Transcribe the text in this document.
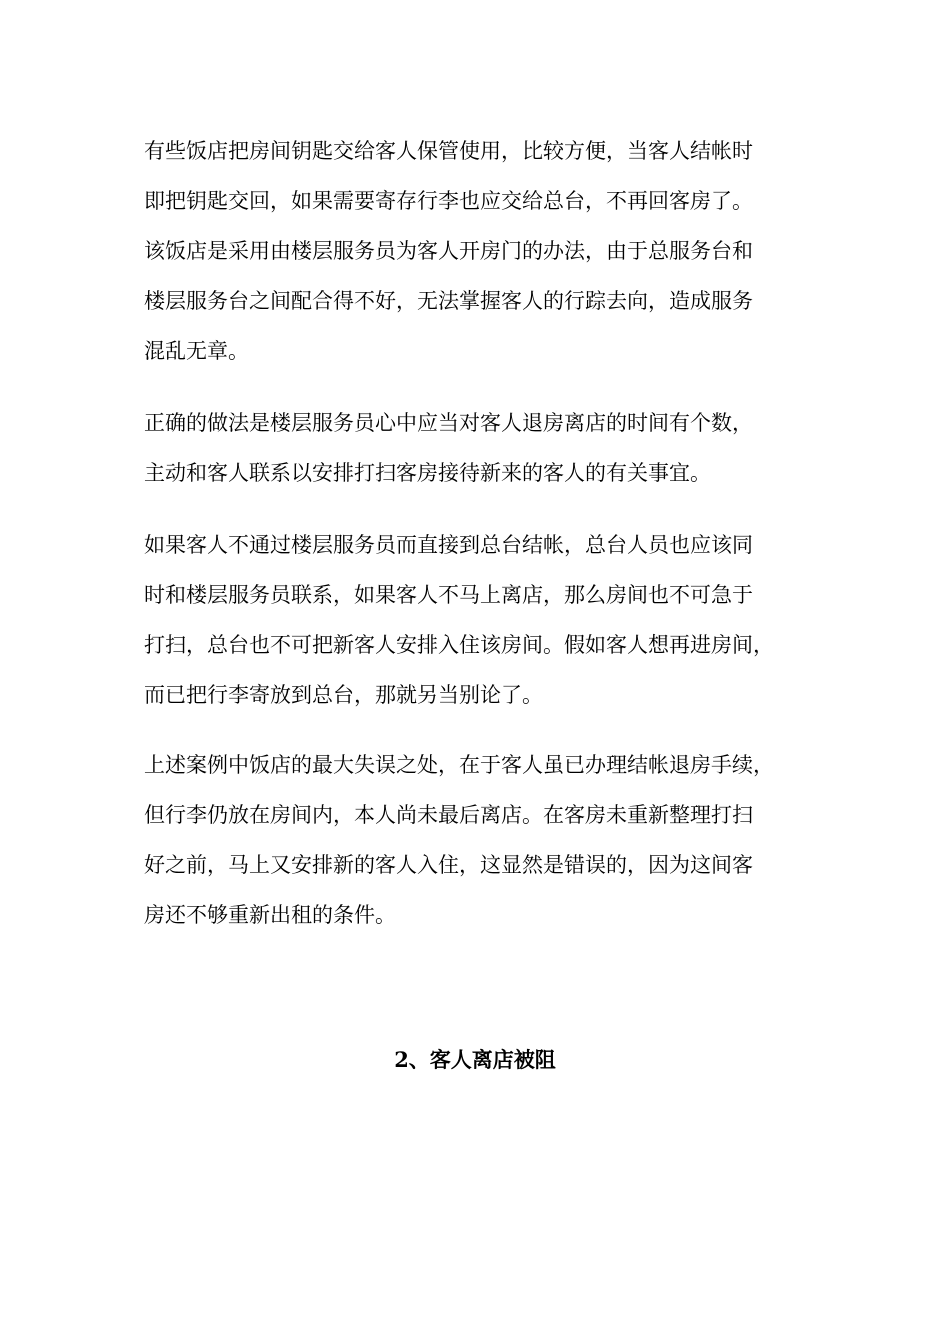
有些饭店把房间钥匙交给客人保管使用，比较方便，当客人结帐时
即把钥匙交回，如果需要寄存行李也应交给总台，不再回客房了。
该饭店是采用由楼层服务员为客人开房门的办法，由于总服务台和
楼层服务台之间配合得不好，无法掌握客人的行踪去向，造成服务
混乱无章。

正确的做法是楼层服务员心中应当对客人退房离店的时间有个数，
主动和客人联系以安排打扫客房接待新来的客人的有关事宜。

如果客人不通过楼层服务员而直接到总台结帐，总台人员也应该同
时和楼层服务员联系，如果客人不马上离店，那么房间也不可急于
打扫，总台也不可把新客人安排入住该房间。假如客人想再进房间，
而已把行李寄放到总台，那就另当别论了。

上述案例中饭店的最大失误之处，在于客人虽已办理结帐退房手续，
但行李仍放在房间内，本人尚未最后离店。在客房未重新整理打扫
好之前，马上又安排新的客人入住，这显然是错误的，因为这间客
房还不够重新出租的条件。

2、客人离店被阻
